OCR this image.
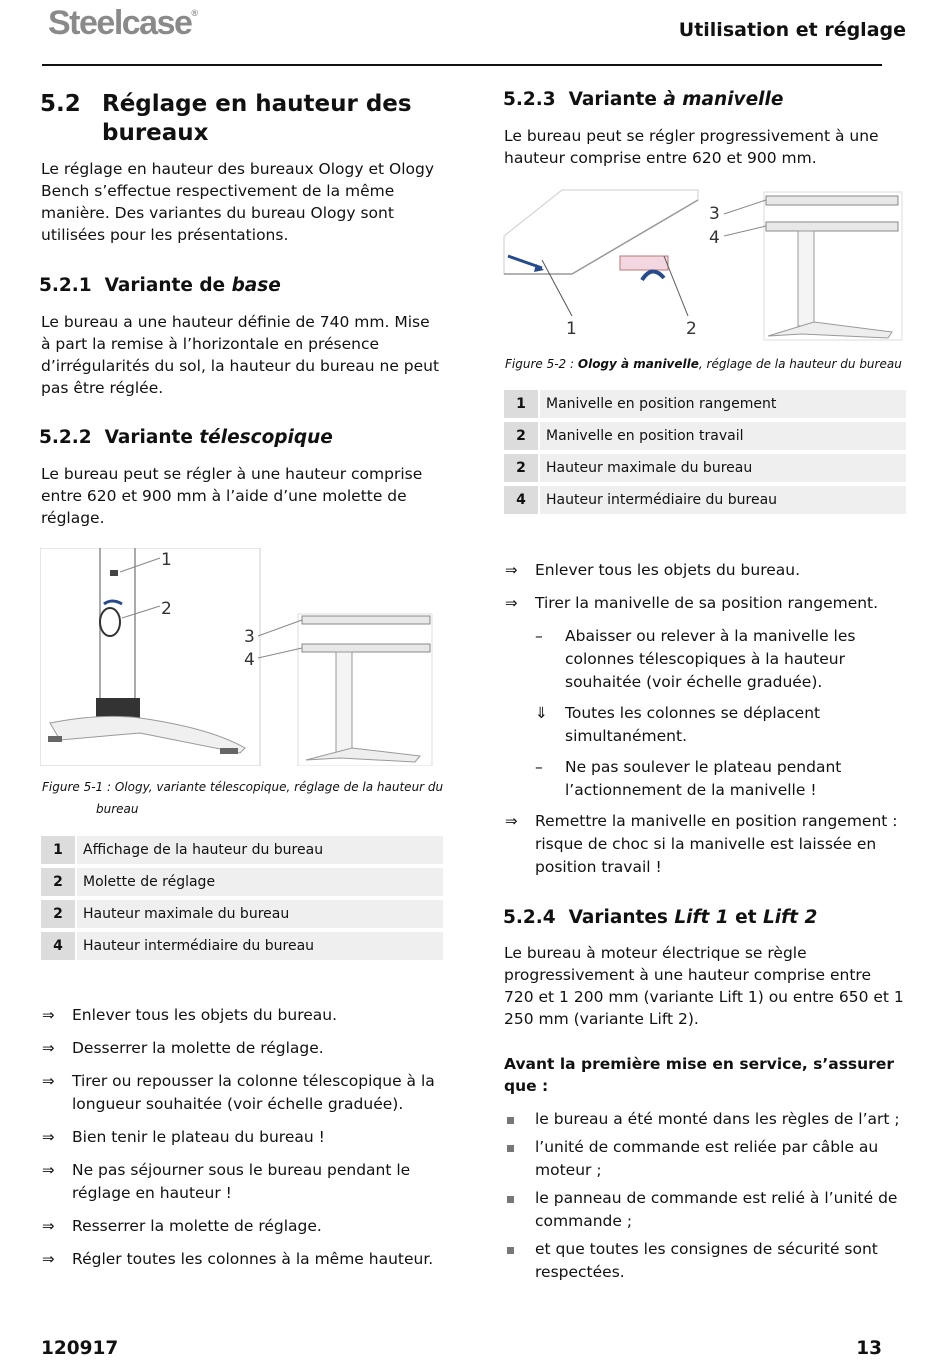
Steelcase®
Utilisation et réglage
5.2 Réglage en hauteur des
bureaux
Le réglage en hauteur des bureaux Ology et Ology Bench s’effectue respectivement de la même manière. Des variantes du bureau Ology sont utilisées pour les présentations.
5.2.1 Variante de base
Le bureau a une hauteur définie de 740 mm. Mise à part la remise à l’horizontale en présence d’irrégularités du sol, la hauteur du bureau ne peut pas être réglée.
5.2.2 Variante télescopique
Le bureau peut se régler à une hauteur comprise entre 620 et 900 mm à l’aide d’une molette de réglage.
1
2
3
4
Figure 5-1 : Ology, variante télescopique, réglage de la hauteur du
bureau
1	Affichage de la hauteur du bureau
2	Molette de réglage
2	Hauteur maximale du bureau
4	Hauteur intermédiaire du bureau
⇒ Enlever tous les objets du bureau.
⇒ Desserrer la molette de réglage.
⇒ Tirer ou repousser la colonne télescopique à la longueur souhaitée (voir échelle graduée).
⇒ Bien tenir le plateau du bureau !
⇒ Ne pas séjourner sous le bureau pendant le réglage en hauteur !
⇒ Resserrer la molette de réglage.
⇒ Régler toutes les colonnes à la même hauteur.
5.2.3 Variante à manivelle
Le bureau peut se régler progressivement à une hauteur comprise entre 620 et 900 mm.
1	2
3
4
Figure 5-2 : Ology à manivelle, réglage de la hauteur du bureau
1	Manivelle en position rangement
2	Manivelle en position travail
2	Hauteur maximale du bureau
4	Hauteur intermédiaire du bureau
⇒ Enlever tous les objets du bureau.
⇒ Tirer la manivelle de sa position rangement.
– Abaisser ou relever à la manivelle les colonnes télescopiques à la hauteur souhaitée (voir échelle graduée).
⇓ Toutes les colonnes se déplacent simultanément.
– Ne pas soulever le plateau pendant l’actionnement de la manivelle !
⇒ Remettre la manivelle en position rangement : risque de choc si la manivelle est laissée en position travail !
5.2.4 Variantes Lift 1 et Lift 2
Le bureau à moteur électrique se règle progressivement à une hauteur comprise entre 720 et 1 200 mm (variante Lift 1) ou entre 650 et 1 250 mm (variante Lift 2).
Avant la première mise en service, s’assurer que :
le bureau a été monté dans les règles de l’art ;
l’unité de commande est reliée par câble au moteur ;
le panneau de commande est relié à l’unité de commande ;
et que toutes les consignes de sécurité sont respectées.
120917	13
